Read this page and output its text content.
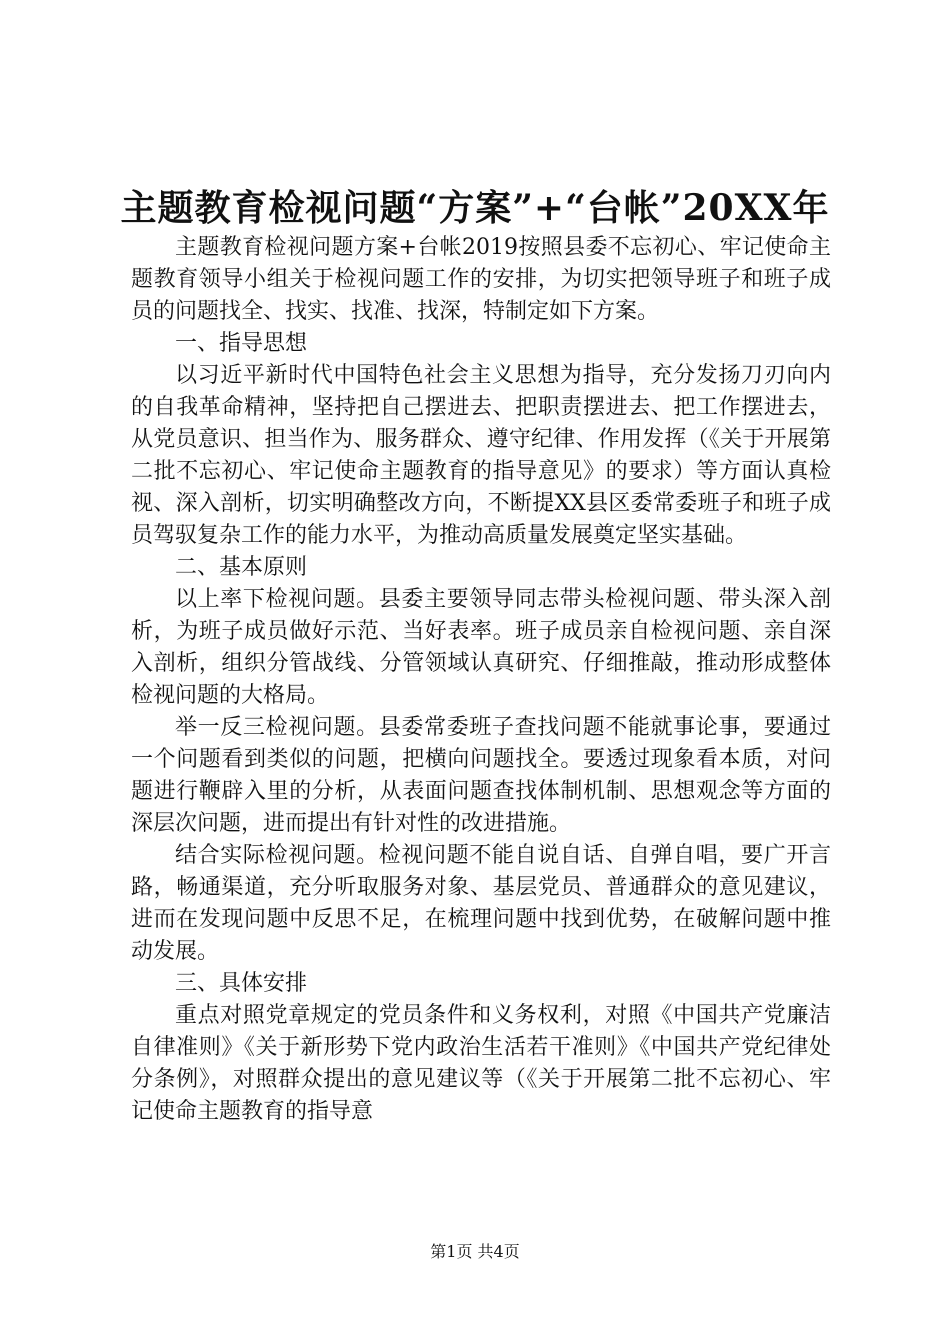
主题教育检视问题“方案”+“台帐”20XX年

主题教育检视问题方案+台帐2019按照县委不忘初心、牢记使命主题教育领导小组关于检视问题工作的安排，为切实把领导班子和班子成员的问题找全、找实、找准、找深，特制定如下方案。

一、指导思想

以习近平新时代中国特色社会主义思想为指导，充分发扬刀刃向内的自我革命精神，坚持把自己摆进去、把职责摆进去、把工作摆进去，从党员意识、担当作为、服务群众、遵守纪律、作用发挥（《关于开展第二批不忘初心、牢记使命主题教育的指导意见》的要求）等方面认真检视、深入剖析，切实明确整改方向，不断提XX县区委常委班子和班子成员驾驭复杂工作的能力水平，为推动高质量发展奠定坚实基础。

二、基本原则

以上率下检视问题。县委主要领导同志带头检视问题、带头深入剖析，为班子成员做好示范、当好表率。班子成员亲自检视问题、亲自深入剖析，组织分管战线、分管领域认真研究、仔细推敲，推动形成整体检视问题的大格局。

举一反三检视问题。县委常委班子查找问题不能就事论事，要通过一个问题看到类似的问题，把横向问题找全。要透过现象看本质，对问题进行鞭辟入里的分析，从表面问题查找体制机制、思想观念等方面的深层次问题，进而提出有针对性的改进措施。

结合实际检视问题。检视问题不能自说自话、自弹自唱，要广开言路，畅通渠道，充分听取服务对象、基层党员、普通群众的意见建议，进而在发现问题中反思不足，在梳理问题中找到优势，在破解问题中推动发展。

三、具体安排

重点对照党章规定的党员条件和义务权利，对照《中国共产党廉洁自律准则》《关于新形势下党内政治生活若干准则》《中国共产党纪律处分条例》，对照群众提出的意见建议等（《关于开展第二批不忘初心、牢记使命主题教育的指导意

第1页 共4页
